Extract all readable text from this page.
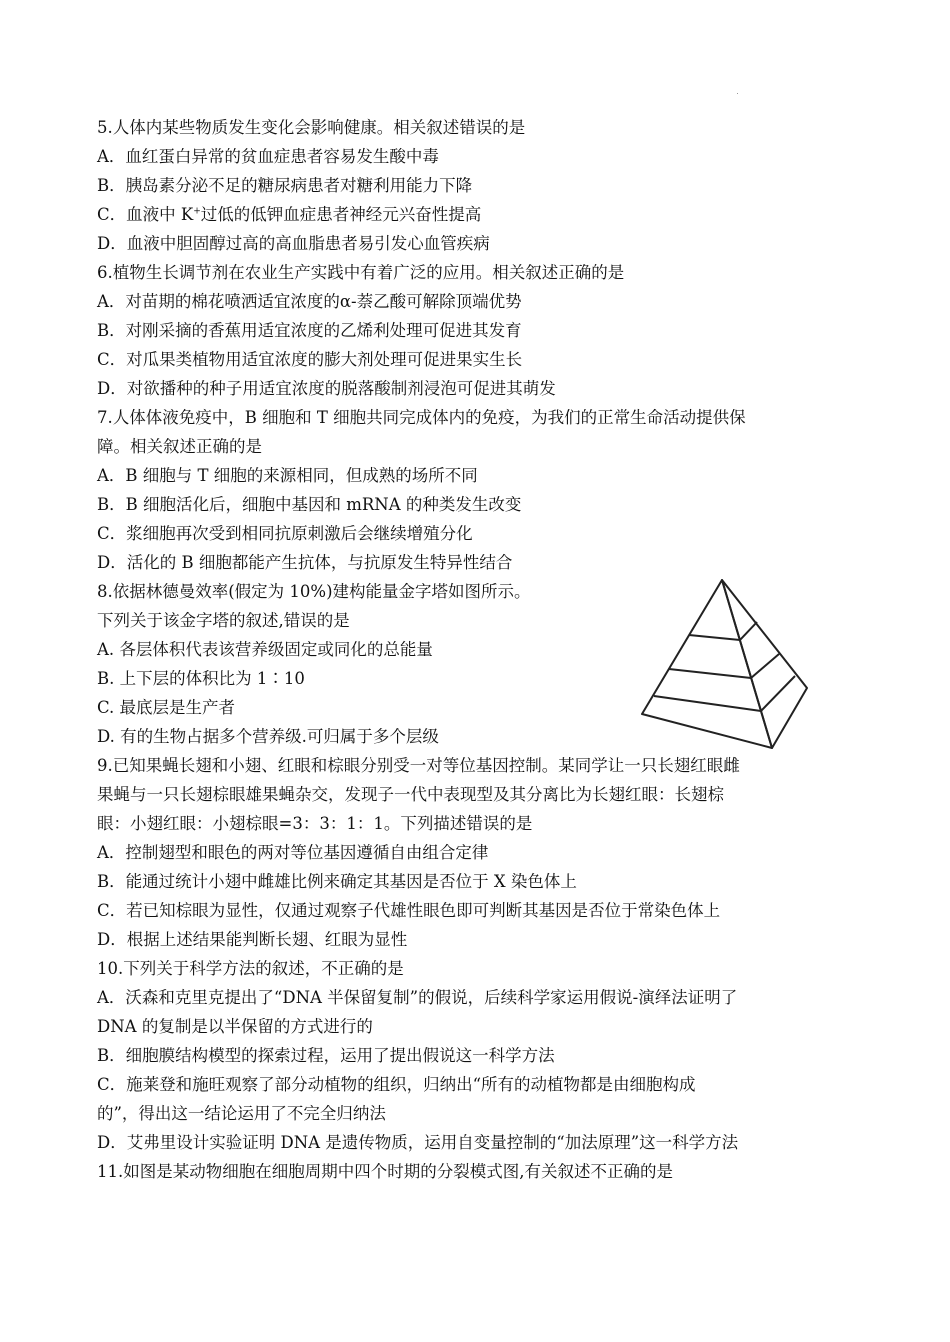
·
5.人体内某些物质发生变化会影响健康。相关叙述错误的是
A．血红蛋白异常的贫血症患者容易发生酸中毒
B．胰岛素分泌不足的糖尿病患者对糖利用能力下降
C．血液中 K+过低的低钾血症患者神经元兴奋性提高
D．血液中胆固醇过高的高血脂患者易引发心血管疾病
6.植物生长调节剂在农业生产实践中有着广泛的应用。相关叙述正确的是
A．对苗期的棉花喷洒适宜浓度的α-萘乙酸可解除顶端优势
B．对刚采摘的香蕉用适宜浓度的乙烯利处理可促进其发育
C．对瓜果类植物用适宜浓度的膨大剂处理可促进果实生长
D．对欲播种的种子用适宜浓度的脱落酸制剂浸泡可促进其萌发
7.人体体液免疫中，B 细胞和 T 细胞共同完成体内的免疫，为我们的正常生命活动提供保
障。相关叙述正确的是
A．B 细胞与 T 细胞的来源相同，但成熟的场所不同
B．B 细胞活化后，细胞中基因和 mRNA 的种类发生改变
C．浆细胞再次受到相同抗原刺激后会继续增殖分化
D．活化的 B 细胞都能产生抗体，与抗原发生特异性结合
8.依据林德曼效率(假定为 10%)建构能量金字塔如图所示。
下列关于该金字塔的叙述,错误的是
A. 各层体积代表该营养级固定或同化的总能量
B. 上下层的体积比为 1∶10
C. 最底层是生产者
D. 有的生物占据多个营养级.可归属于多个层级
9.已知果蝇长翅和小翅、红眼和棕眼分别受一对等位基因控制。某同学让一只长翅红眼雌
果蝇与一只长翅棕眼雄果蝇杂交，发现子一代中表现型及其分离比为长翅红眼：长翅棕
眼：小翅红眼：小翅棕眼=3：3：1：1。下列描述错误的是
A．控制翅型和眼色的两对等位基因遵循自由组合定律
B．能通过统计小翅中雌雄比例来确定其基因是否位于 X 染色体上
C．若已知棕眼为显性，仅通过观察子代雄性眼色即可判断其基因是否位于常染色体上
D．根据上述结果能判断长翅、红眼为显性
10.下列关于科学方法的叙述，不正确的是
A．沃森和克里克提出了“DNA 半保留复制”的假说，后续科学家运用假说-演绎法证明了
DNA 的复制是以半保留的方式进行的
B．细胞膜结构模型的探索过程，运用了提出假说这一科学方法
C．施莱登和施旺观察了部分动植物的组织，归纳出“所有的动植物都是由细胞构成
的”，得出这一结论运用了不完全归纳法
D．艾弗里设计实验证明 DNA 是遗传物质，运用自变量控制的“加法原理”这一科学方法
11.如图是某动物细胞在细胞周期中四个时期的分裂模式图,有关叙述不正确的是
